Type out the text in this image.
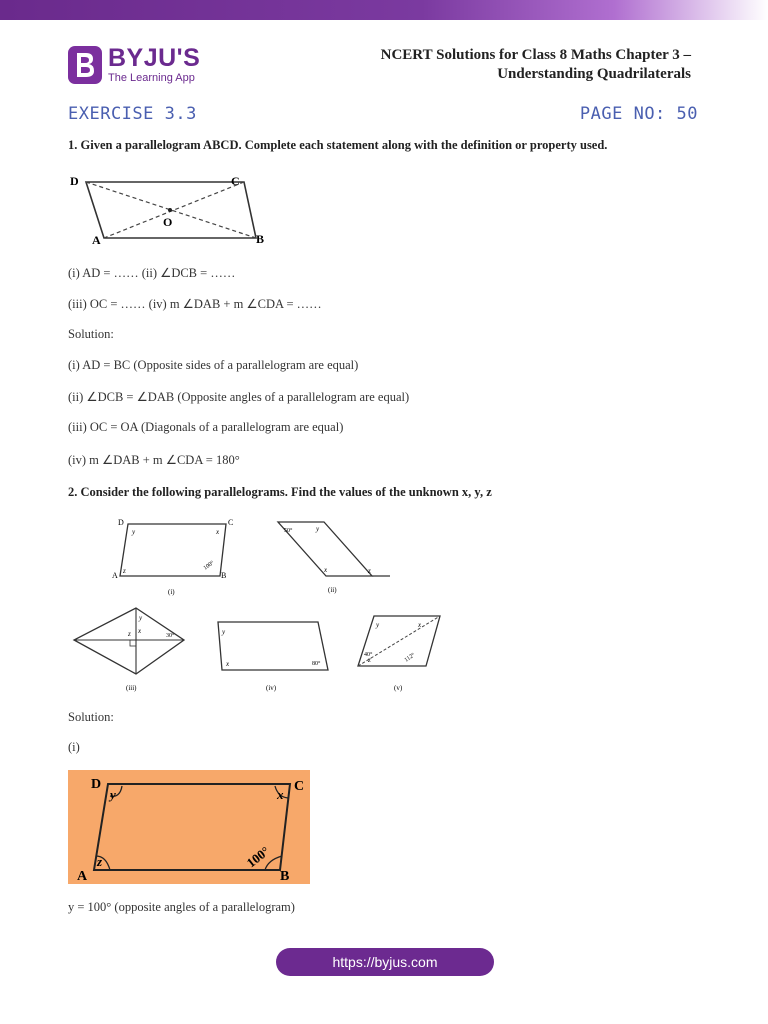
BYJU'S
The Learning App
NCERT Solutions for Class 8 Maths Chapter 3 –
Understanding Quadrilaterals
EXERCISE 3.3	PAGE NO: 50
1. Given a parallelogram ABCD. Complete each statement along with the definition or property used.
D	C
A	B
O
(i) AD = …… (ii) ∠DCB = ……
(iii) OC = …… (iv) m ∠DAB + m ∠CDA = ……
Solution:
(i) AD = BC (Opposite sides of a parallelogram are equal)
(ii) ∠DCB = ∠DAB (Opposite angles of a parallelogram are equal)
(iii) OC = OA (Diagonals of a parallelogram are equal)
(iv) m ∠DAB + m ∠CDA = 180°
2. Consider the following parallelograms. Find the values of the unknown x, y, z
D	C
A	B
y	x
z	100°
(i)
50°	y
x	z
(ii)
y
x
z	30°
(iii)
y
x	80°
(iv)
y
40°
z
x
112°
(v)
Solution:
(i)
D	C
A	B
y	x
z	100°
y = 100° (opposite angles of a parallelogram)
https://byjus.com
